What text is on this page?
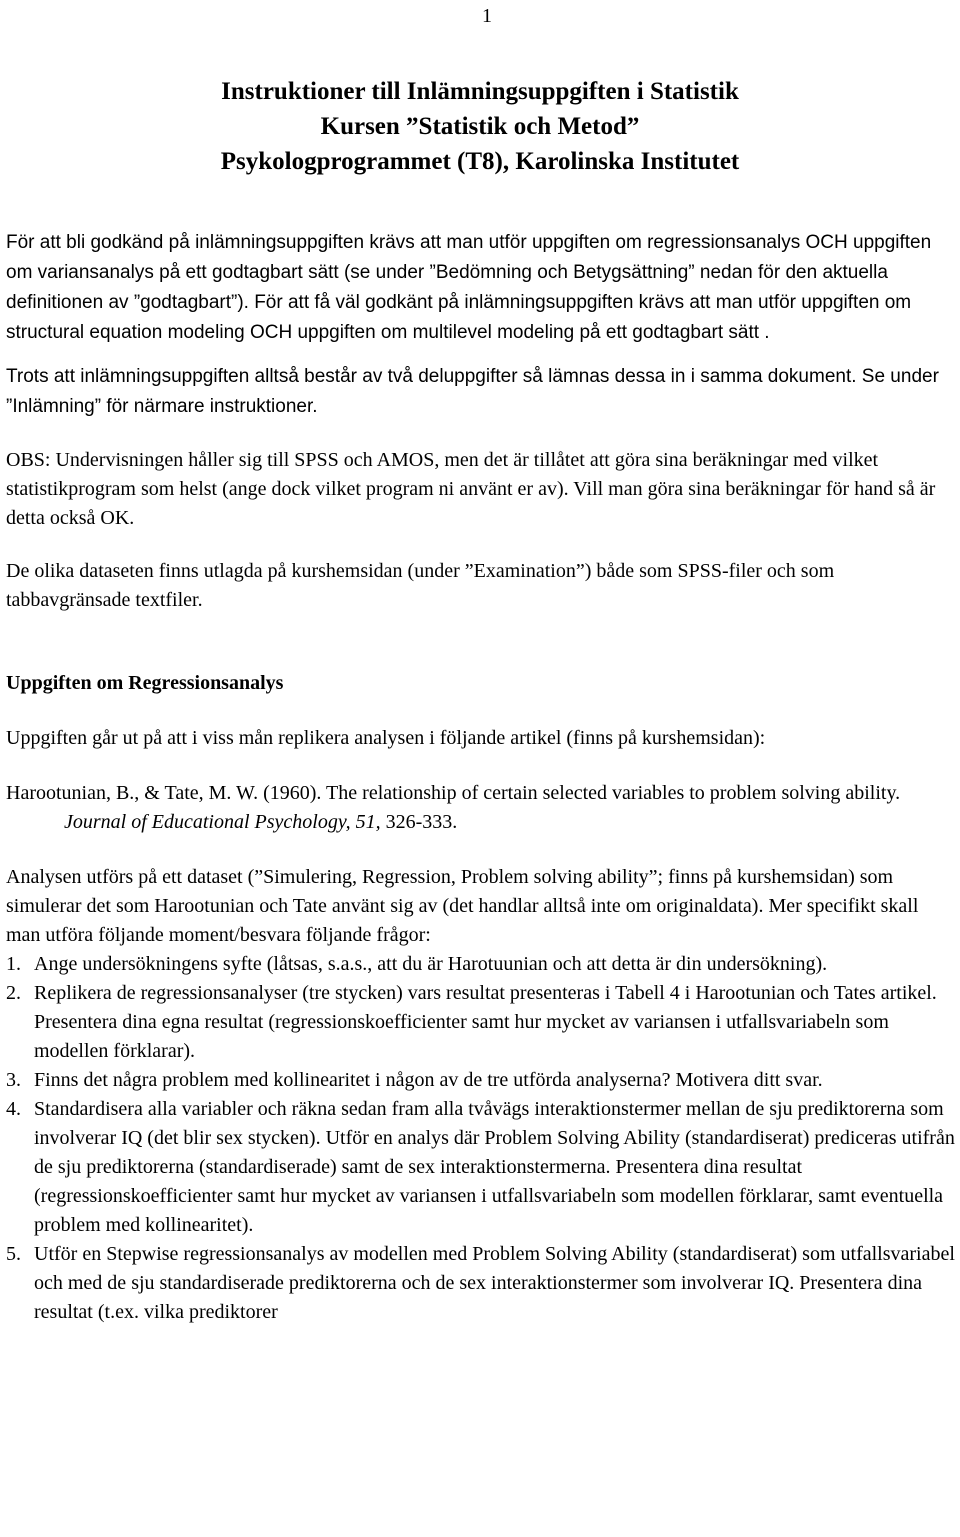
1
Instruktioner till Inlämningsuppgiften i Statistik
Kursen ”Statistik och Metod”
Psykologprogrammet (T8), Karolinska Institutet

För att bli godkänd på inlämningsuppgiften krävs att man utför uppgiften om regressionsanalys OCH uppgiften om variansanalys på ett godtagbart sätt (se under ”Bedömning och Betygsättning” nedan för den aktuella definitionen av ”godtagbart”). För att få väl godkänt på inlämningsuppgiften krävs att man utför uppgiften om structural equation modeling OCH uppgiften om multilevel modeling på ett godtagbart sätt .

Trots att inlämningsuppgiften alltså består av två deluppgifter så lämnas dessa in i samma dokument. Se under ”Inlämning” för närmare instruktioner.

OBS: Undervisningen håller sig till SPSS och AMOS, men det är tillåtet att göra sina beräkningar med vilket statistikprogram som helst (ange dock vilket program ni använt er av). Vill man göra sina beräkningar för hand så är detta också OK.

De olika dataseten finns utlagda på kurshemsidan (under ”Examination”) både som SPSS-filer och som tabbavgränsade textfiler.

Uppgiften om Regressionsanalys

Uppgiften går ut på att i viss mån replikera analysen i följande artikel (finns på kurshemsidan):

Harootunian, B., & Tate, M. W. (1960). The relationship of certain selected variables to problem solving ability. Journal of Educational Psychology, 51, 326-333.

Analysen utförs på ett dataset (”Simulering, Regression, Problem solving ability”; finns på kurshemsidan) som simulerar det som Harootunian och Tate använt sig av (det handlar alltså inte om originaldata). Mer specifikt skall man utföra följande moment/besvara följande frågor:

1. Ange undersökningens syfte (låtsas, s.a.s., att du är Harotuunian och att detta är din undersökning).
2. Replikera de regressionsanalyser (tre stycken) vars resultat presenteras i Tabell 4 i Harootunian och Tates artikel. Presentera dina egna resultat (regressionskoefficienter samt hur mycket av variansen i utfallsvariabeln som modellen förklarar).
3. Finns det några problem med kollinearitet i någon av de tre utförda analyserna? Motivera ditt svar.
4. Standardisera alla variabler och räkna sedan fram alla tvåvägs interaktionstermer mellan de sju prediktorerna som involverar IQ (det blir sex stycken). Utför en analys där Problem Solving Ability (standardiserat) prediceras utifrån de sju prediktorerna (standardiserade) samt de sex interaktionstermerna. Presentera dina resultat (regressionskoefficienter samt hur mycket av variansen i utfallsvariabeln som modellen förklarar, samt eventuella problem med kollinearitet).
5. Utför en Stepwise regressionsanalys av modellen med Problem Solving Ability (standardiserat) som utfallsvariabel och med de sju standardiserade prediktorerna och de sex interaktionstermer som involverar IQ. Presentera dina resultat (t.ex. vilka prediktorer
